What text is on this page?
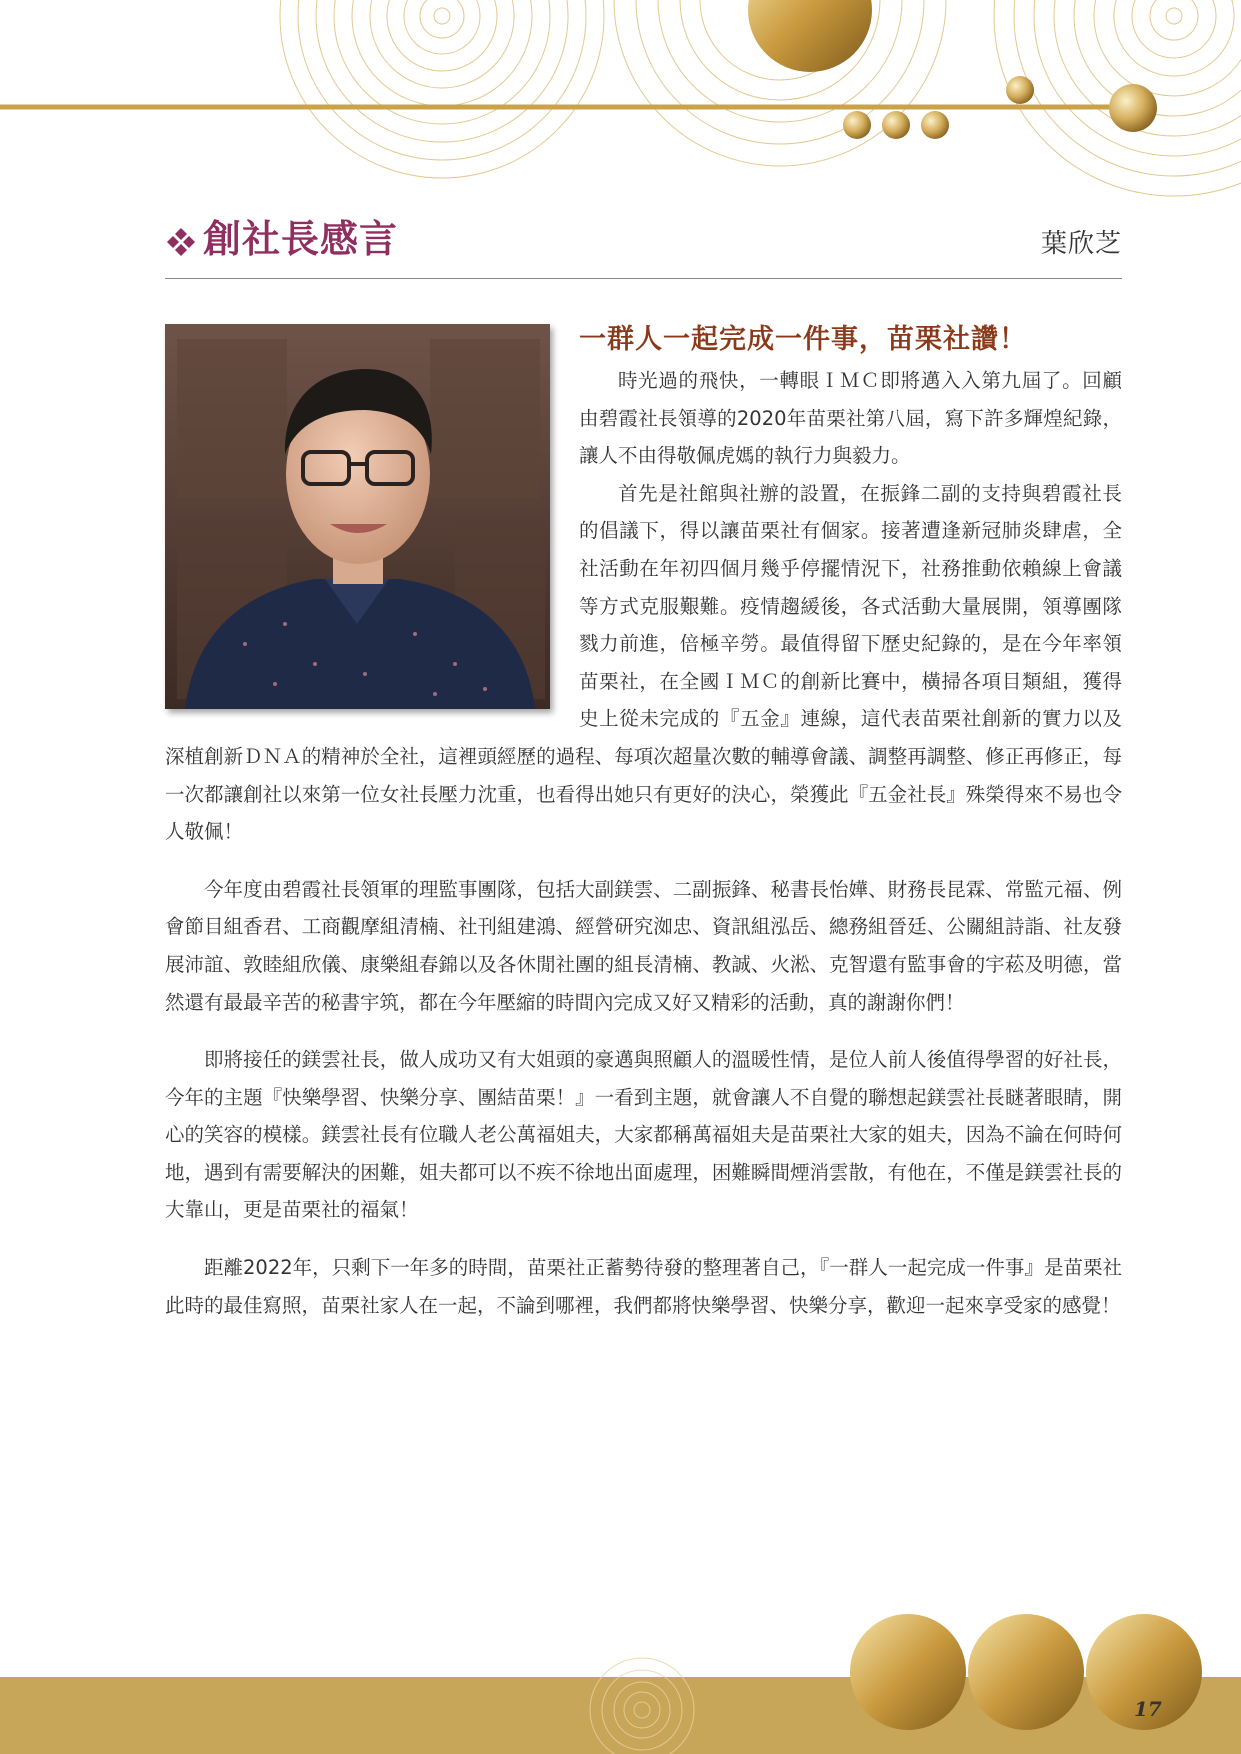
創社長感言	葉欣芝
一群人一起完成一件事，苗栗社讚！

時光過的飛快，一轉眼ＩＭＣ即將邁入入第九屆了。回顧由碧霞社長領導的2020年苗栗社第八屆，寫下許多輝煌紀錄，讓人不由得敬佩虎媽的執行力與毅力。

首先是社館與社辦的設置，在振鋒二副的支持與碧霞社長的倡議下，得以讓苗栗社有個家。接著遭逢新冠肺炎肆虐，全社活動在年初四個月幾乎停擺情況下，社務推動依賴線上會議等方式克服艱難。疫情趨緩後，各式活動大量展開，領導團隊戮力前進，倍極辛勞。最值得留下歷史紀錄的，是在今年率領苗栗社，在全國ＩＭＣ的創新比賽中，橫掃各項目類組，獲得史上從未完成的『五金』連線，這代表苗栗社創新的實力以及深植創新ＤＮＡ的精神於全社，這裡頭經歷的過程、每項次超量次數的輔導會議、調整再調整、修正再修正，每一次都讓創社以來第一位女社長壓力沈重，也看得出她只有更好的決心，榮獲此『五金社長』殊榮得來不易也令人敬佩！

今年度由碧霞社長領軍的理監事團隊，包括大副鎂雲、二副振鋒、秘書長怡嬅、財務長昆霖、常監元福、例會節目組香君、工商觀摩組清楠、社刊組建鴻、經營研究洳忠、資訊組泓岳、總務組晉廷、公關組詩詣、社友發展沛誼、敦睦組欣儀、康樂組春錦以及各休閒社團的組長清楠、教誠、火淞、克智還有監事會的宇菘及明德，當然還有最最辛苦的秘書宇筑，都在今年壓縮的時間內完成又好又精彩的活動，真的謝謝你們！

即將接任的鎂雲社長，做人成功又有大姐頭的豪邁與照顧人的溫暖性情，是位人前人後值得學習的好社長，今年的主題『快樂學習、快樂分享、團結苗栗！』一看到主題，就會讓人不自覺的聯想起鎂雲社長瞇著眼睛，開心的笑容的模樣。鎂雲社長有位職人老公萬福姐夫，大家都稱萬福姐夫是苗栗社大家的姐夫，因為不論在何時何地，遇到有需要解決的困難，姐夫都可以不疾不徐地出面處理，困難瞬間煙消雲散，有他在，不僅是鎂雲社長的大靠山，更是苗栗社的福氣！

距離2022年，只剩下一年多的時間，苗栗社正蓄勢待發的整理著自己，『一群人一起完成一件事』是苗栗社此時的最佳寫照，苗栗社家人在一起，不論到哪裡，我們都將快樂學習、快樂分享，歡迎一起來享受家的感覺！

17
